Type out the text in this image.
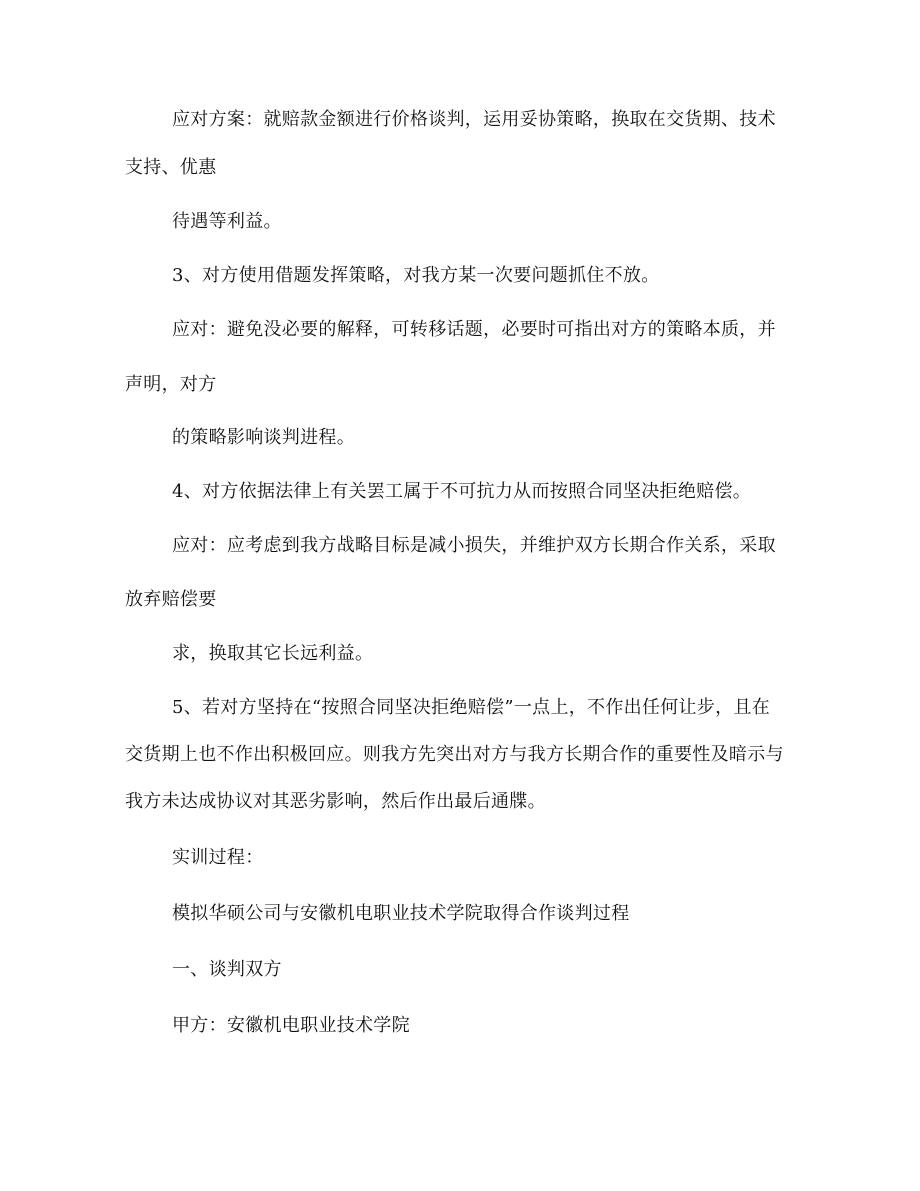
应对方案：就赔款金额进行价格谈判，运用妥协策略，换取在交货期、技术
支持、优惠
待遇等利益。
3、对方使用借题发挥策略，对我方某一次要问题抓住不放。
应对：避免没必要的解释，可转移话题，必要时可指出对方的策略本质，并
声明，对方
的策略影响谈判进程。
4、对方依据法律上有关罢工属于不可抗力从而按照合同坚决拒绝赔偿。
应对：应考虑到我方战略目标是减小损失，并维护双方长期合作关系，采取
放弃赔偿要
求，换取其它长远利益。
5、若对方坚持在“按照合同坚决拒绝赔偿”一点上，不作出任何让步，且在
交货期上也不作出积极回应。则我方先突出对方与我方长期合作的重要性及暗示与
我方未达成协议对其恶劣影响，然后作出最后通牒。
实训过程：
模拟华硕公司与安徽机电职业技术学院取得合作谈判过程
一、谈判双方
甲方：安徽机电职业技术学院
